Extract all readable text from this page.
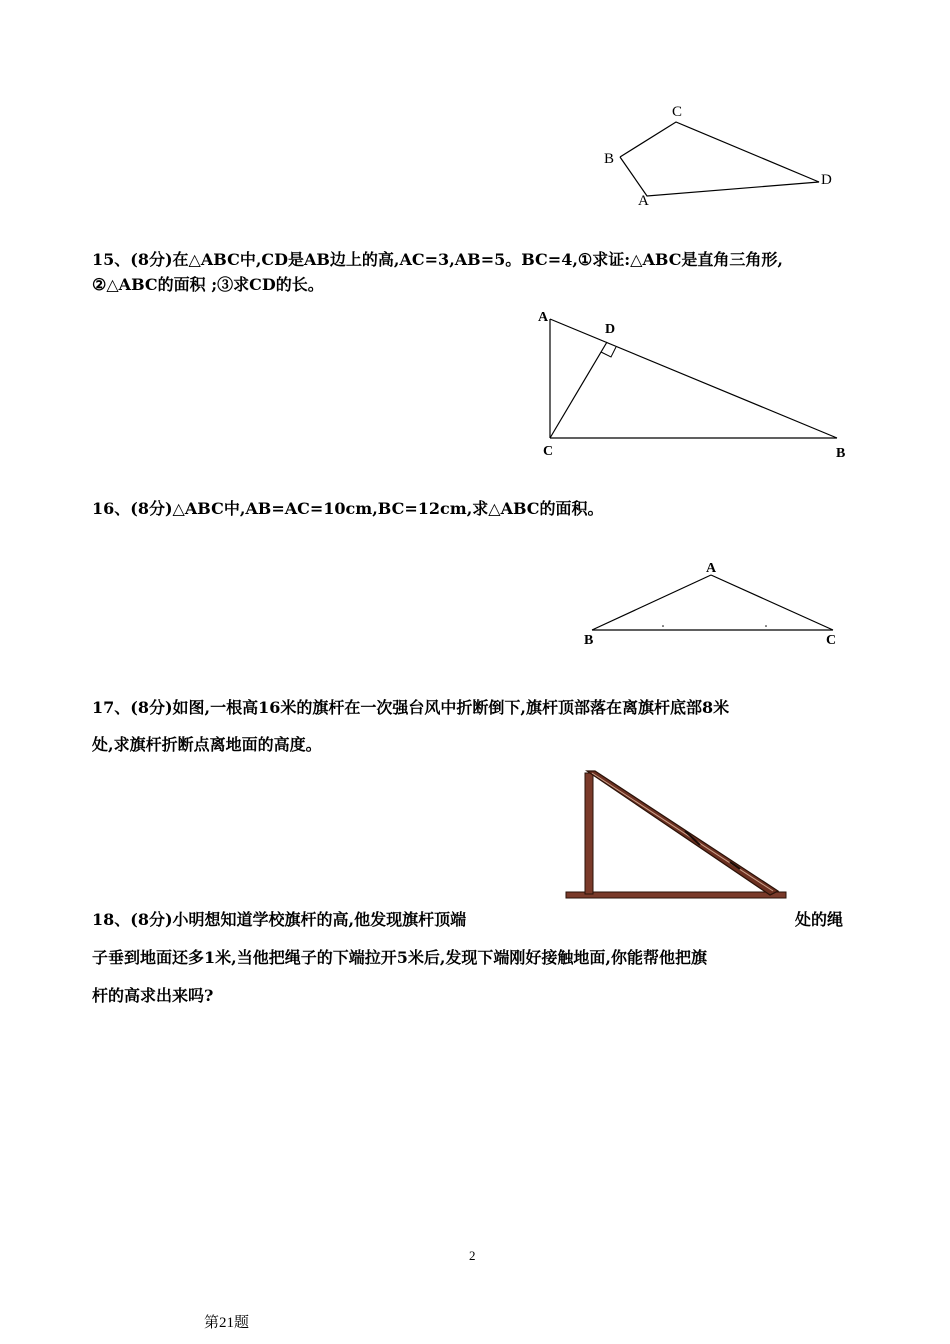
C
B
D
A
15、(8分)在△ABC中,CD是AB边上的高,AC=3,AB=5。BC=4,①求证:△ABC是直角三角形,
②△ABC的面积 ;③求CD的长。
A
D
C	B
16、(8分)△ABC中,AB=AC=10cm,BC=12cm,求△ABC的面积。
A
B	C
17、(8分)如图,一根高16米的旗杆在一次强台风中折断倒下,旗杆顶部落在离旗杆底部8米
处,求旗杆折断点离地面的高度。
18、(8分)小明想知道学校旗杆的高,他发现旗杆顶端	处的绳
子垂到地面还多1米,当他把绳子的下端拉开5米后,发现下端刚好接触地面,你能帮他把旗
杆的高求出来吗?
2
第21题
